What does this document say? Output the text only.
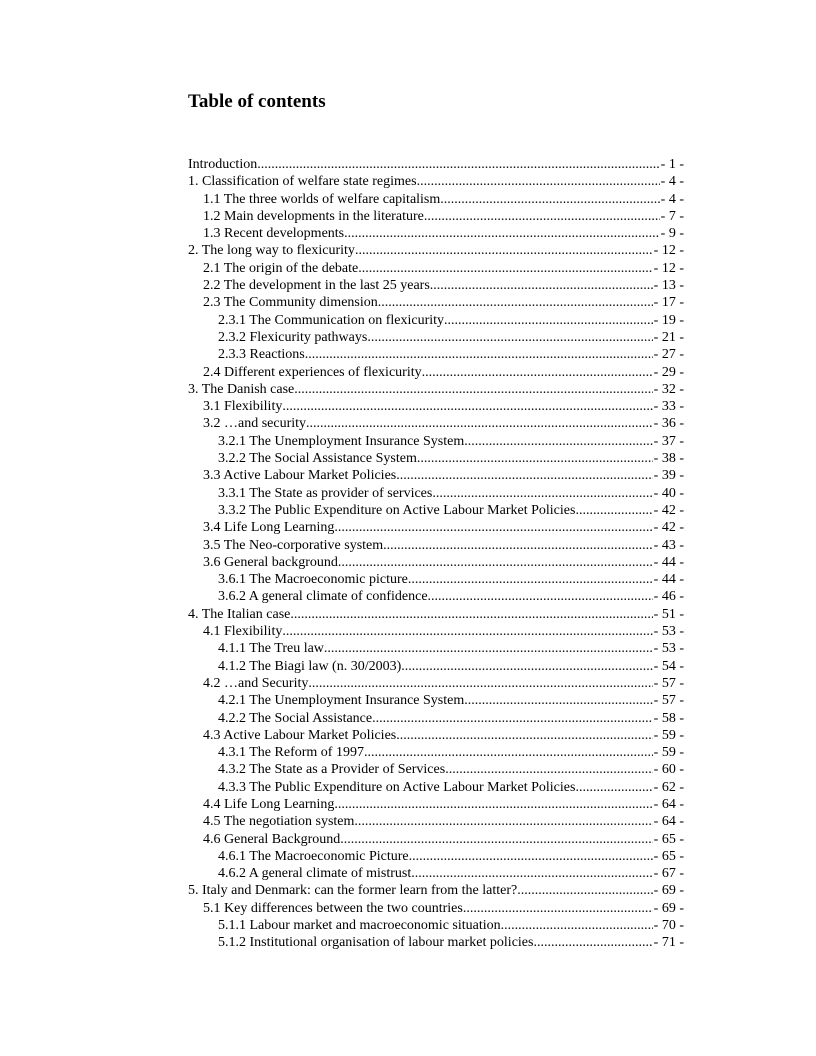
Table of contents
Introduction .....	- 1 -
1. Classification of welfare state regimes .....	- 4 -
1.1 The three worlds of welfare capitalism .....	- 4 -
1.2 Main developments in the literature .....	- 7 -
1.3 Recent developments .....	- 9 -
2. The long way to flexicurity .....	- 12 -
2.1 The origin of the debate .....	- 12 -
2.2 The development in the last 25 years .....	- 13 -
2.3 The Community dimension .....	- 17 -
2.3.1 The Communication on flexicurity .....	- 19 -
2.3.2 Flexicurity pathways .....	- 21 -
2.3.3 Reactions .....	- 27 -
2.4 Different experiences of flexicurity .....	- 29 -
3. The Danish case .....	- 32 -
3.1 Flexibility .....	- 33 -
3.2 …and security .....	- 36 -
3.2.1 The Unemployment Insurance System .....	- 37 -
3.2.2 The Social Assistance System .....	- 38 -
3.3 Active Labour Market Policies .....	- 39 -
3.3.1 The State as provider of services .....	- 40 -
3.3.2 The Public Expenditure on Active Labour Market Policies .....	- 42 -
3.4 Life Long Learning .....	- 42 -
3.5 The Neo-corporative system .....	- 43 -
3.6 General background .....	- 44 -
3.6.1 The Macroeconomic picture .....	- 44 -
3.6.2 A general climate of confidence .....	- 46 -
4. The Italian case .....	- 51 -
4.1 Flexibility .....	- 53 -
4.1.1 The Treu law .....	- 53 -
4.1.2 The Biagi law (n. 30/2003) .....	- 54 -
4.2 …and Security .....	- 57 -
4.2.1 The Unemployment Insurance System .....	- 57 -
4.2.2 The Social Assistance .....	- 58 -
4.3 Active Labour Market Policies .....	- 59 -
4.3.1 The Reform of 1997 .....	- 59 -
4.3.2 The State as a Provider of Services .....	- 60 -
4.3.3 The Public Expenditure on Active Labour Market Policies .....	- 62 -
4.4 Life Long Learning .....	- 64 -
4.5 The negotiation system .....	- 64 -
4.6 General Background .....	- 65 -
4.6.1 The Macroeconomic Picture .....	- 65 -
4.6.2 A general climate of mistrust .....	- 67 -
5. Italy and Denmark: can the former learn from the latter? .....	- 69 -
5.1 Key differences between the two countries .....	- 69 -
5.1.1 Labour market and macroeconomic situation .....	- 70 -
5.1.2 Institutional organisation of labour market policies .....	- 71 -
